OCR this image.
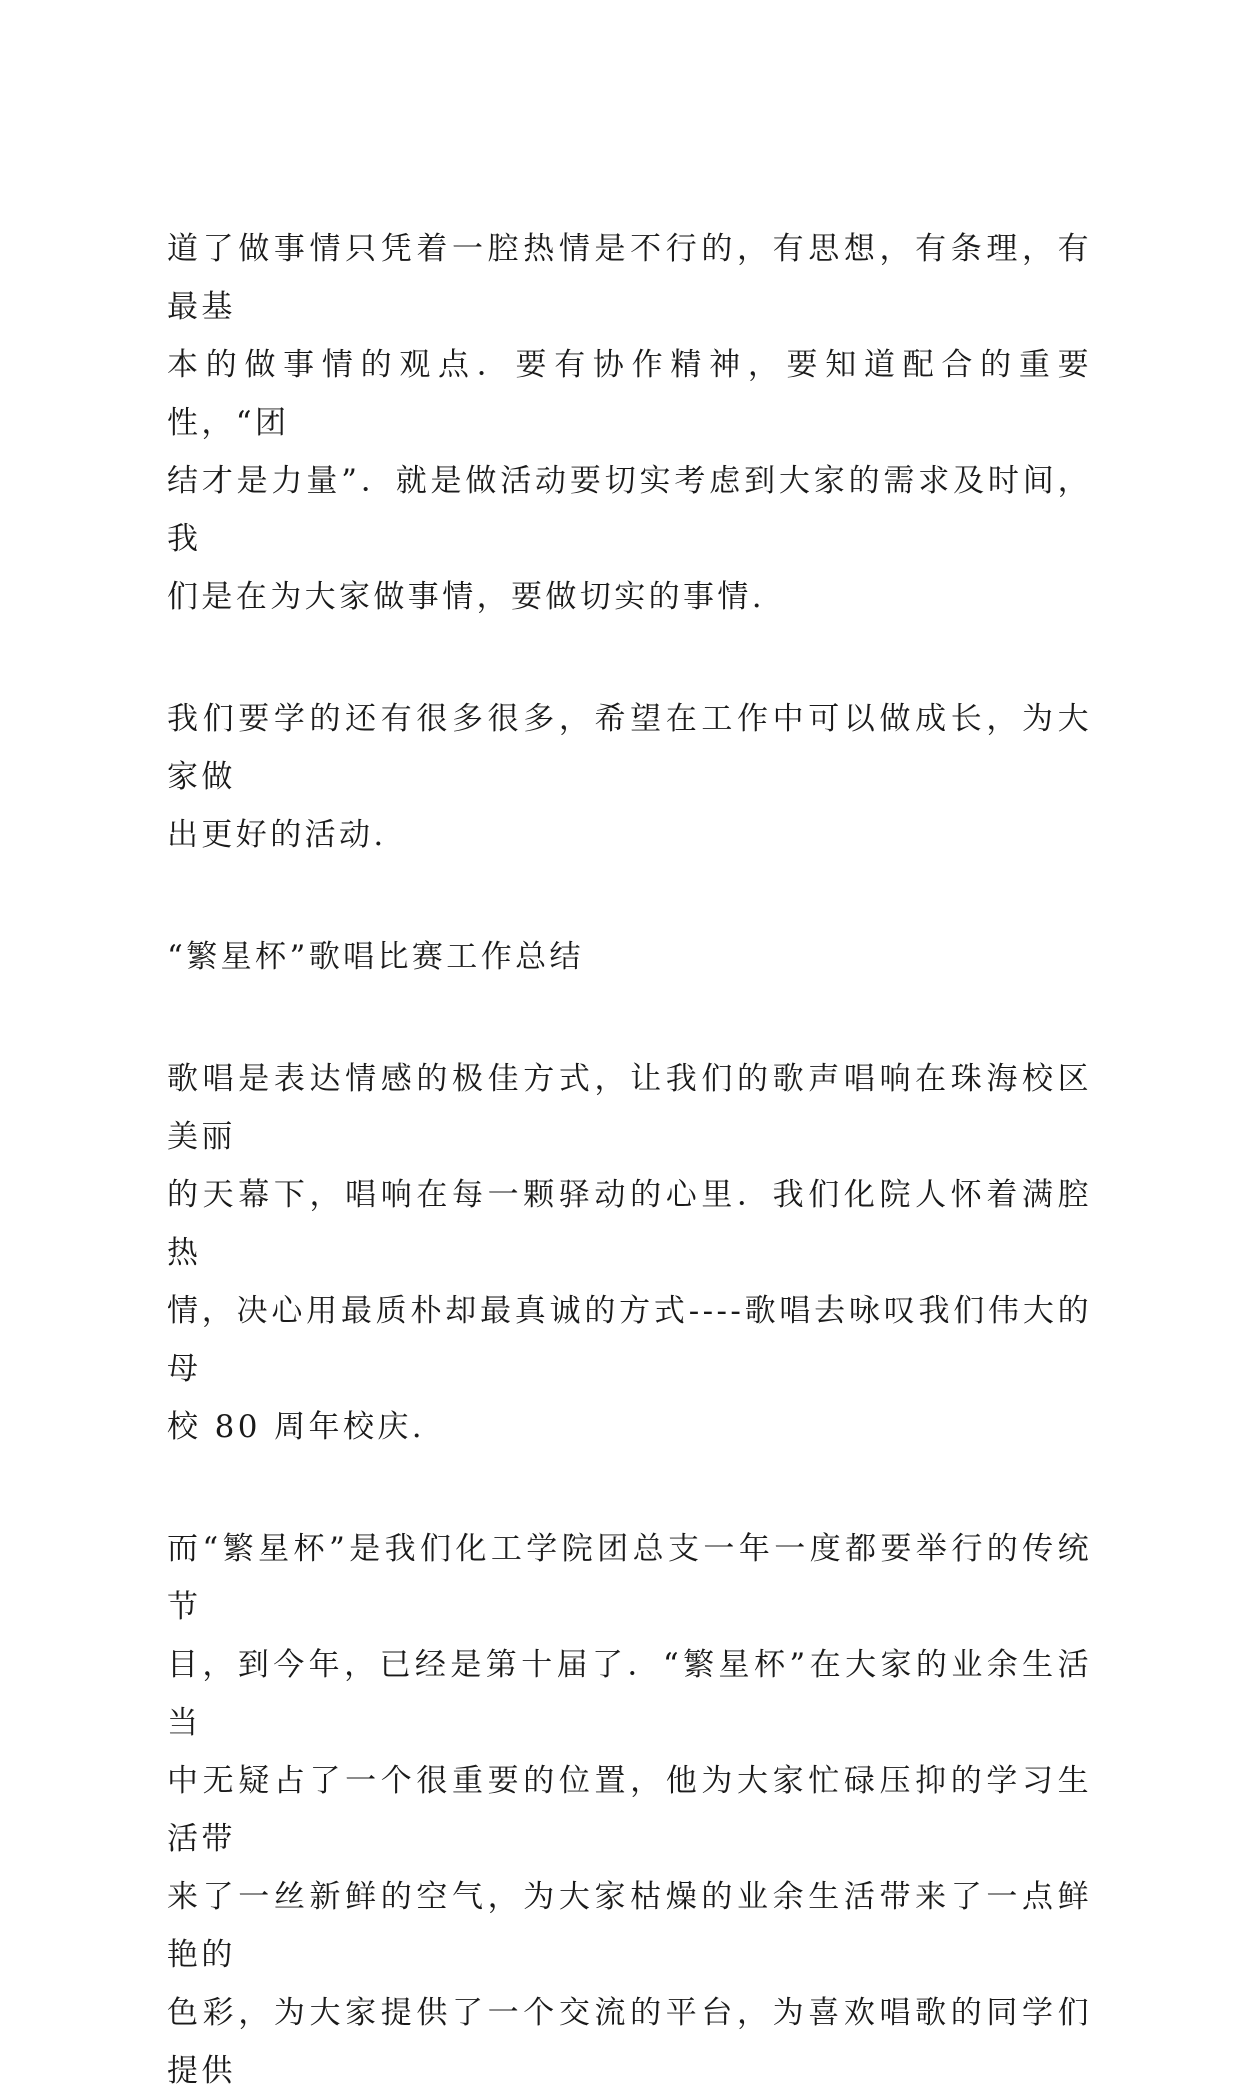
道了做事情只凭着一腔热情是不行的，有思想，有条理，有最基
本的做事情的观点．要有协作精神，要知道配合的重要性，“团
结才是力量”．就是做活动要切实考虑到大家的需求及时间，我
们是在为大家做事情，要做切实的事情.

我们要学的还有很多很多，希望在工作中可以做成长，为大家做
出更好的活动.

“繁星杯”歌唱比赛工作总结

歌唱是表达情感的极佳方式，让我们的歌声唱响在珠海校区美丽
的天幕下，唱响在每一颗驿动的心里．我们化院人怀着满腔热
情，决心用最质朴却最真诚的方式----歌唱去咏叹我们伟大的母
校 80 周年校庆.

而“繁星杯”是我们化工学院团总支一年一度都要举行的传统节
目，到今年，已经是第十届了．“繁星杯”在大家的业余生活当
中无疑占了一个很重要的位置，他为大家忙碌压抑的学习生活带
来了一丝新鲜的空气，为大家枯燥的业余生活带来了一点鲜艳的
色彩，为大家提供了一个交流的平台，为喜欢唱歌的同学们提供
